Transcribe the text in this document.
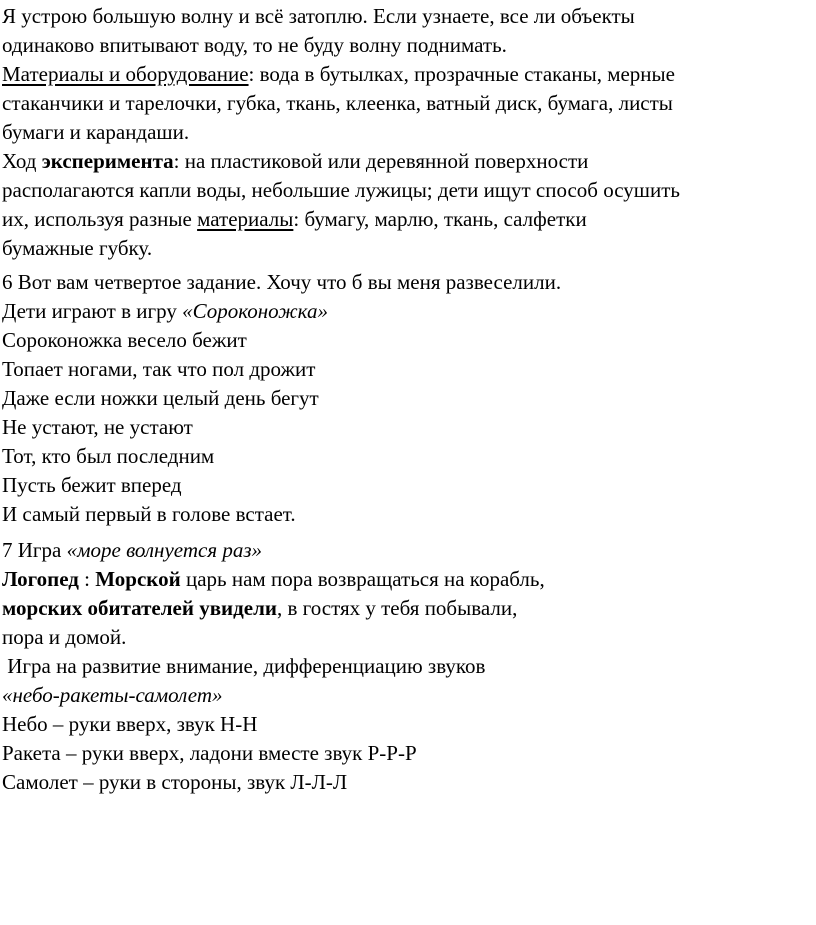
Я устрою большую волну и всё затоплю. Если узнаете, все ли объекты
одинаково впитывают воду, то не буду волну поднимать.
Материалы и оборудование: вода в бутылках, прозрачные стаканы, мерные
стаканчики и тарелочки, губка, ткань, клеенка, ватный диск, бумага, листы
бумаги и карандаши.
Ход эксперимента: на пластиковой или деревянной поверхности
располагаются капли воды, небольшие лужицы; дети ищут способ осушить
их, используя разные материалы: бумагу, марлю, ткань, салфетки
бумажные губку.
6 Вот вам четвертое задание. Хочу что б вы меня развеселили.
Дети играют в игру «Сороконожка»
Сороконожка весело бежит
Топает ногами, так что пол дрожит
Даже если ножки целый день бегут
Не устают, не устают
Тот, кто был последним
Пусть бежит вперед
И самый первый в голове встает.
7 Игра «море волнуется раз»
Логопед : Морской царь нам пора возвращаться на корабль,
морских обитателей увидели, в гостях у тебя побывали,
пора и домой.
Игра на развитие внимание, дифференциацию звуков
«небо-ракеты-самолет»
Небо – руки вверх, звук Н-Н
Ракета – руки вверх, ладони вместе звук Р-Р-Р
Самолет – руки в стороны, звук Л-Л-Л
